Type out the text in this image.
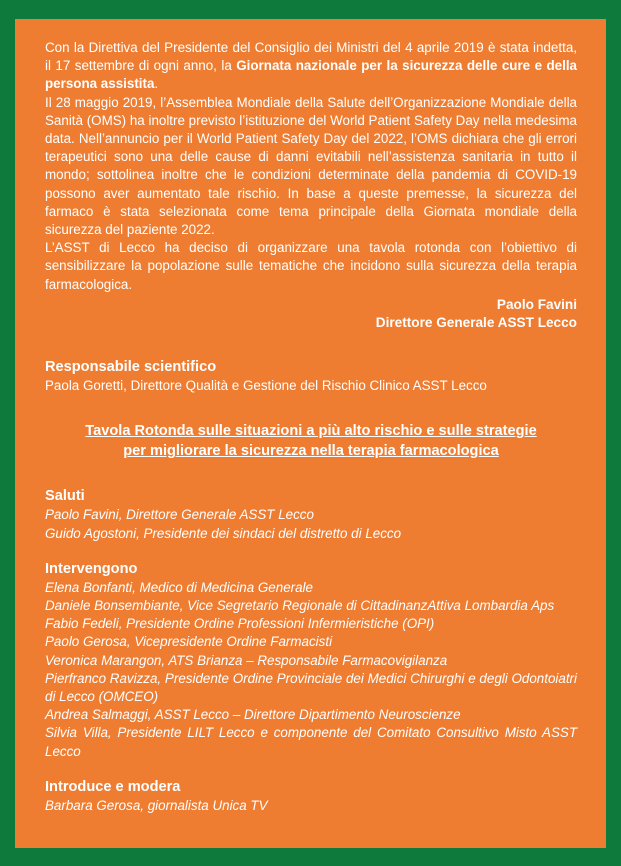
Con la Direttiva del Presidente del Consiglio dei Ministri del 4 aprile 2019 è stata indetta, il 17 settembre di ogni anno, la Giornata nazionale per la sicurezza delle cure e della persona assistita.

Il 28 maggio 2019, l’Assemblea Mondiale della Salute dell’Organizzazione Mondiale della Sanità (OMS) ha inoltre previsto l’istituzione del World Patient Safety Day nella medesima data. Nell’annuncio per il World Patient Safety Day del 2022, l’OMS dichiara che gli errori terapeutici sono una delle cause di danni evitabili nell’assistenza sanitaria in tutto il mondo; sottolinea inoltre che le condizioni determinate della pandemia di COVID-19 possono aver aumentato tale rischio. In base a queste premesse, la sicurezza del farmaco è stata selezionata come tema principale della Giornata mondiale della sicurezza del paziente 2022.

L’ASST di Lecco ha deciso di organizzare una tavola rotonda con l’obiettivo di sensibilizzare la popolazione sulle tematiche che incidono sulla sicurezza della terapia farmacologica.

Paolo Favini

Direttore Generale ASST Lecco

Responsabile scientifico

Paola Goretti, Direttore Qualità e Gestione del Rischio Clinico ASST Lecco

Tavola Rotonda sulle situazioni a più alto rischio e sulle strategie

per migliorare la sicurezza nella terapia farmacologica

Saluti

Paolo Favini, Direttore Generale ASST Lecco

Guido Agostoni, Presidente dei sindaci del distretto di Lecco

Intervengono

Elena Bonfanti, Medico di Medicina Generale

Daniele Bonsembiante, Vice Segretario Regionale di CittadinanzAttiva Lombardia Aps

Fabio Fedeli, Presidente Ordine Professioni Infermieristiche (OPI)

Paolo Gerosa, Vicepresidente Ordine Farmacisti

Veronica Marangon, ATS Brianza – Responsabile Farmacovigilanza

Pierfranco Ravizza, Presidente Ordine Provinciale dei Medici Chirurghi e degli Odontoiatri di Lecco (OMCEO)

Andrea Salmaggi, ASST Lecco – Direttore Dipartimento Neuroscienze

Silvia Villa, Presidente LILT Lecco e componente del Comitato Consultivo Misto ASST Lecco

Introduce e modera

Barbara Gerosa, giornalista Unica TV
